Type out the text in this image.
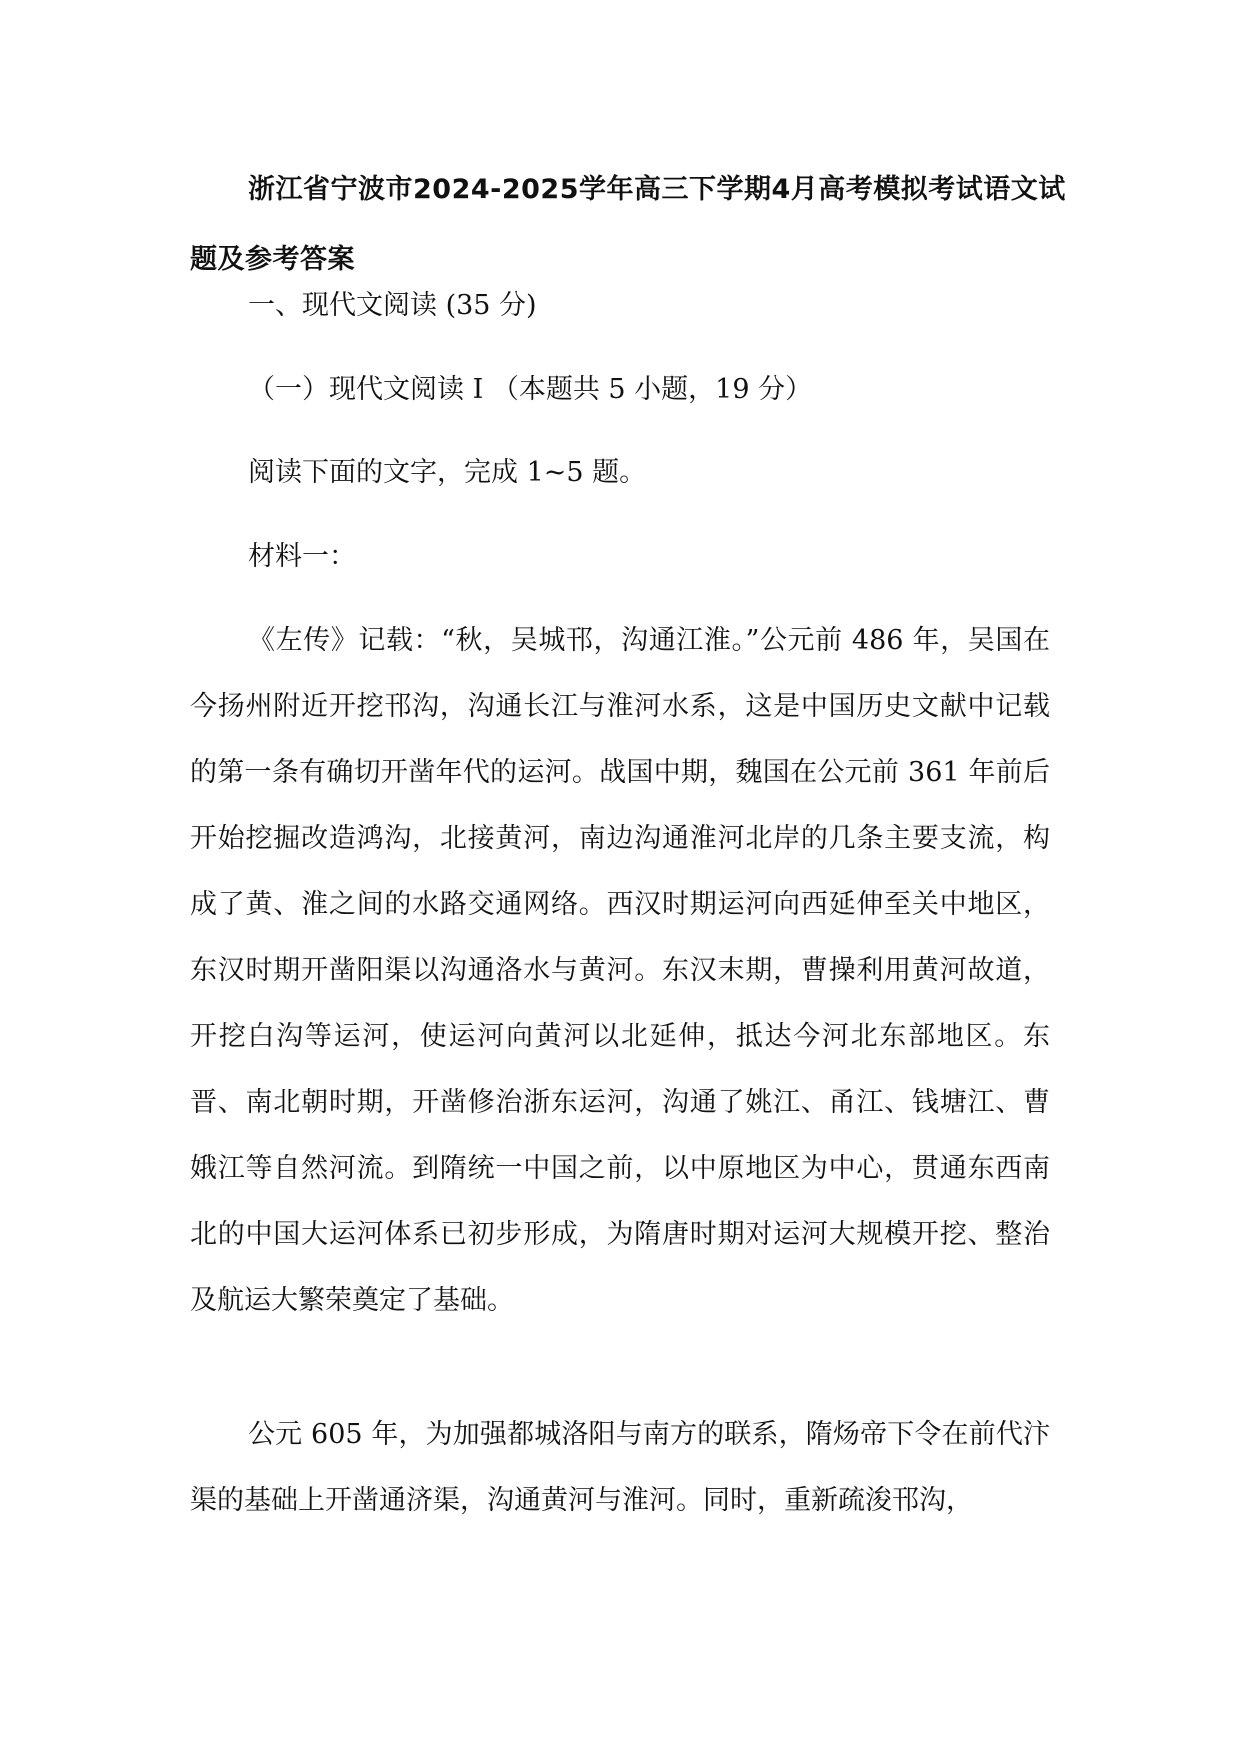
浙江省宁波市2024-2025学年高三下学期4月高考模拟考试语文试题及参考答案

一、现代文阅读 (35 分)

（一）现代文阅读 I （本题共 5 小题，19 分）

阅读下面的文字，完成 1~5 题。

材料一：

《左传》记载：“秋，吴城邗，沟通江淮。”公元前 486 年，吴国在今扬州附近开挖邗沟，沟通长江与淮河水系，这是中国历史文献中记载的第一条有确切开凿年代的运河。战国中期，魏国在公元前 361 年前后开始挖掘改造鸿沟，北接黄河，南边沟通淮河北岸的几条主要支流，构成了黄、淮之间的水路交通网络。西汉时期运河向西延伸至关中地区，东汉时期开凿阳渠以沟通洛水与黄河。东汉末期，曹操利用黄河故道，开挖白沟等运河，使运河向黄河以北延伸，抵达今河北东部地区。东晋、南北朝时期，开凿修治浙东运河，沟通了姚江、甬江、钱塘江、曹娥江等自然河流。到隋统一中国之前，以中原地区为中心，贯通东西南北的中国大运河体系已初步形成，为隋唐时期对运河大规模开挖、整治及航运大繁荣奠定了基础。

公元 605 年，为加强都城洛阳与南方的联系，隋炀帝下令在前代汴渠的基础上开凿通济渠，沟通黄河与淮河。同时，重新疏浚邗沟，
